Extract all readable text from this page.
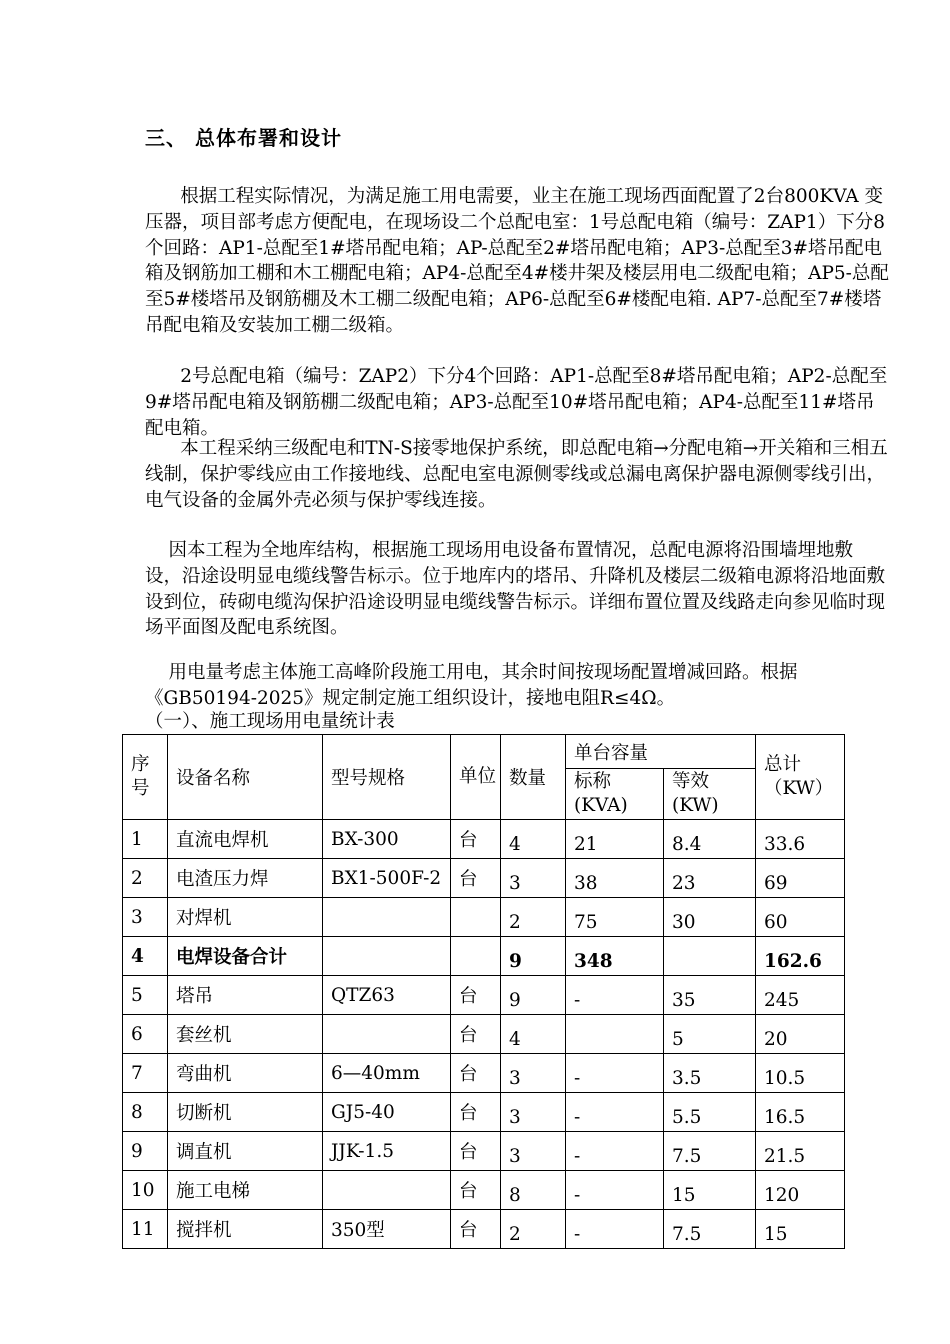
三、 总体布署和设计

根据工程实际情况，为满足施工用电需要，业主在施工现场西面配置了2台800KVA 变压器，项目部考虑方便配电，在现场设二个总配电室：1号总配电箱（编号：ZAP1）下分8个回路：AP1-总配至1#塔吊配电箱；AP-总配至2#塔吊配电箱；AP3-总配至3#塔吊配电箱及钢筋加工棚和木工棚配电箱；AP4-总配至4#楼井架及楼层用电二级配电箱；AP5-总配至5#楼塔吊及钢筋棚及木工棚二级配电箱；AP6-总配至6#楼配电箱. AP7-总配至7#楼塔吊配电箱及安装加工棚二级箱。

2号总配电箱（编号：ZAP2）下分4个回路：AP1-总配至8#塔吊配电箱；AP2-总配至9#塔吊配电箱及钢筋棚二级配电箱；AP3-总配至10#塔吊配电箱；AP4-总配至11#塔吊配电箱。

本工程采纳三级配电和TN-S接零地保护系统，即总配电箱→分配电箱→开关箱和三相五线制，保护零线应由工作接地线、总配电室电源侧零线或总漏电离保护器电源侧零线引出，电气设备的金属外壳必须与保护零线连接。

因本工程为全地库结构，根据施工现场用电设备布置情况，总配电源将沿围墙埋地敷设，沿途设明显电缆线警告标示。位于地库内的塔吊、升降机及楼层二级箱电源将沿地面敷设到位，砖砌电缆沟保护沿途设明显电缆线警告标示。详细布置位置及线路走向参见临时现场平面图及配电系统图。

用电量考虑主体施工高峰阶段施工用电，其余时间按现场配置增减回路。根据《GB50194-2025》规定制定施工组织设计，接地电阻R≤4Ω。

（一）、施工现场用电量统计表
序号	设备名称	型号规格	单位	数量	单台容量		总计（KW）
					标称(KVA)	等效(KW)	
1	直流电焊机	BX-300	台	4	21	8.4	33.6
2	电渣压力焊	BX1-500F-2	台	3	38	23	69
3	对焊机			2	75	30	60
4	电焊设备合计			9	348		162.6
5	塔吊	QTZ63	台	9	-	35	245
6	套丝机		台	4		5	20
7	弯曲机	6—40mm	台	3	-	3.5	10.5
8	切断机	GJ5-40	台	3	-	5.5	16.5
9	调直机	JJK-1.5	台	3	-	7.5	21.5
10	施工电梯		台	8	-	15	120
11	搅拌机	350型	台	2	-	7.5	15
